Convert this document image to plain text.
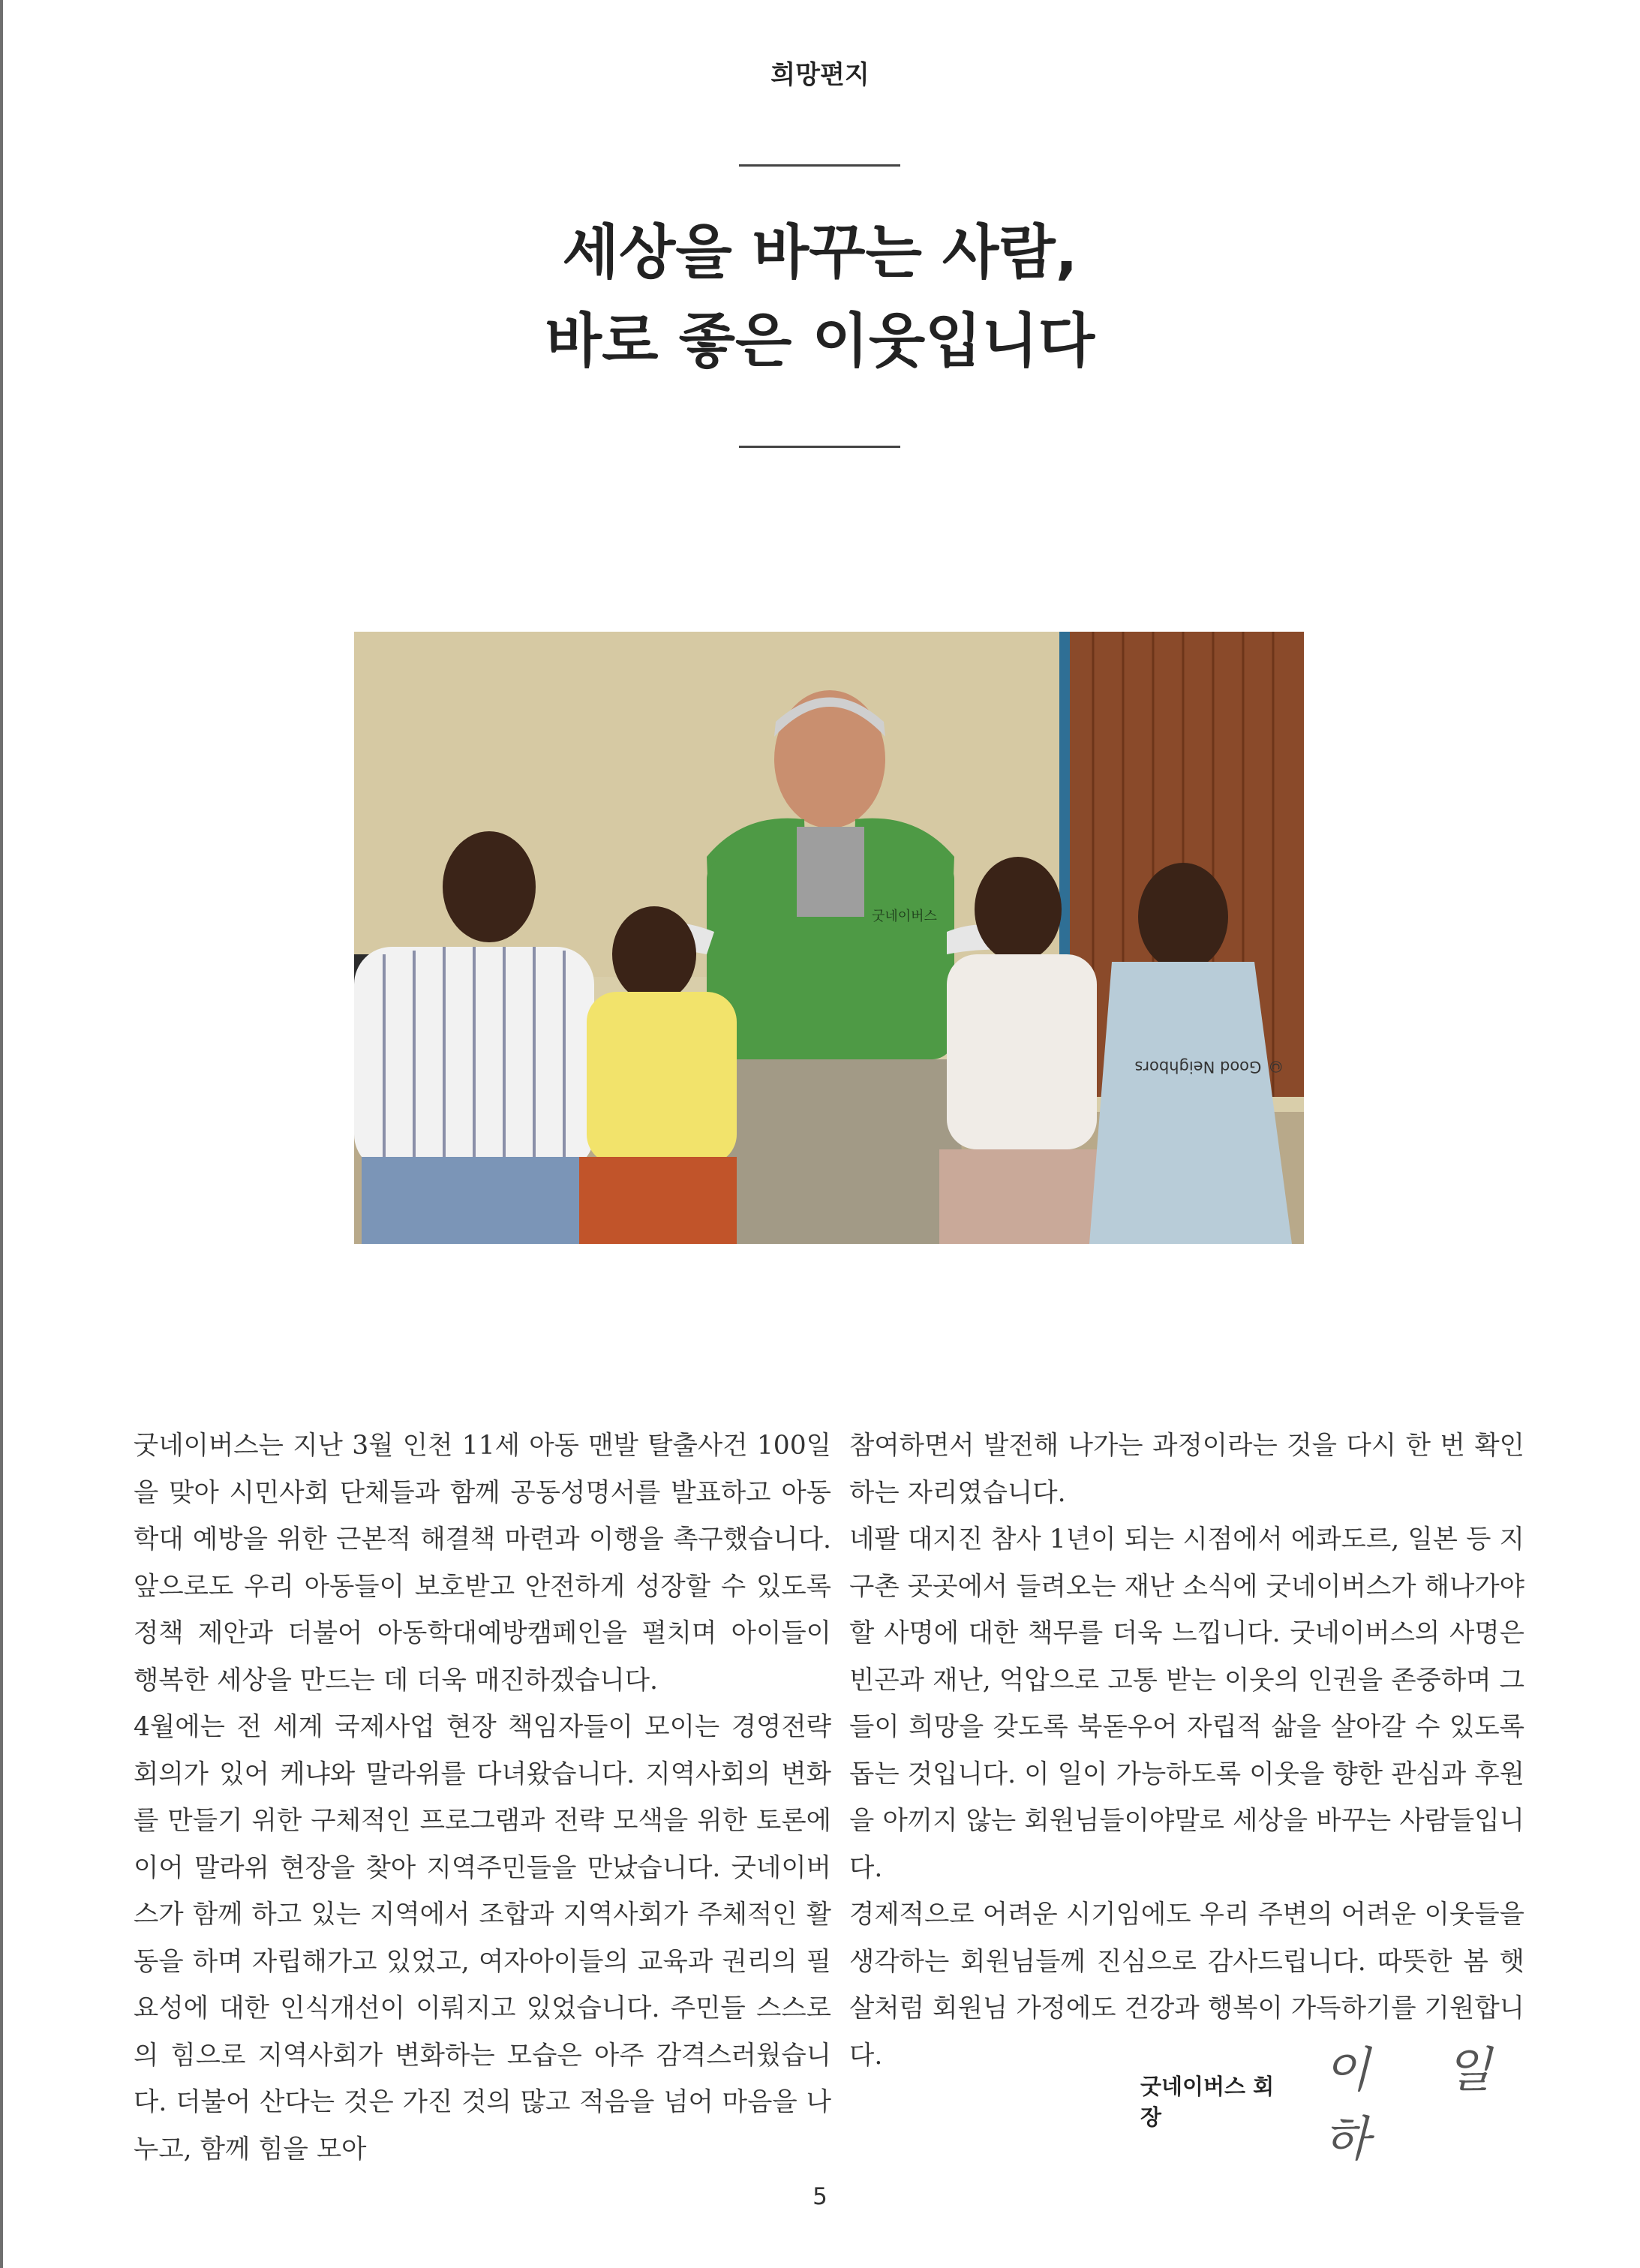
희망편지
세상을 바꾸는 사람,
바로 좋은 이웃입니다
굿네이버스
© Good Neighbors

굿네이버스는 지난 3월 인천 11세 아동 맨발 탈출사건 100일을 맞아 시민사회 단체들과 함께 공동성명서를 발표하고 아동학대 예방을 위한 근본적 해결책 마련과 이행을 촉구했습니다. 앞으로도 우리 아동들이 보호받고 안전하게 성장할 수 있도록 정책 제안과 더불어 아동학대예방캠페인을 펼치며 아이들이 행복한 세상을 만드는 데 더욱 매진하겠습니다.

4월에는 전 세계 국제사업 현장 책임자들이 모이는 경영전략회의가 있어 케냐와 말라위를 다녀왔습니다. 지역사회의 변화를 만들기 위한 구체적인 프로그램과 전략 모색을 위한 토론에 이어 말라위 현장을 찾아 지역주민들을 만났습니다. 굿네이버스가 함께 하고 있는 지역에서 조합과 지역사회가 주체적인 활동을 하며 자립해가고 있었고, 여자아이들의 교육과 권리의 필요성에 대한 인식개선이 이뤄지고 있었습니다. 주민들 스스로의 힘으로 지역사회가 변화하는 모습은 아주 감격스러웠습니다. 더불어 산다는 것은 가진 것의 많고 적음을 넘어 마음을 나누고, 함께 힘을 모아

참여하면서 발전해 나가는 과정이라는 것을 다시 한 번 확인하는 자리였습니다.

네팔 대지진 참사 1년이 되는 시점에서 에콰도르, 일본 등 지구촌 곳곳에서 들려오는 재난 소식에 굿네이버스가 해나가야 할 사명에 대한 책무를 더욱 느낍니다. 굿네이버스의 사명은 빈곤과 재난, 억압으로 고통 받는 이웃의 인권을 존중하며 그들이 희망을 갖도록 북돋우어 자립적 삶을 살아갈 수 있도록 돕는 것입니다. 이 일이 가능하도록 이웃을 향한 관심과 후원을 아끼지 않는 회원님들이야말로 세상을 바꾸는 사람들입니다.

경제적으로 어려운 시기임에도 우리 주변의 어려운 이웃들을 생각하는 회원님들께 진심으로 감사드립니다. 따뜻한 봄 햇살처럼 회원님 가정에도 건강과 행복이 가득하기를 기원합니다.

굿네이버스 회장
이 일 하
5
